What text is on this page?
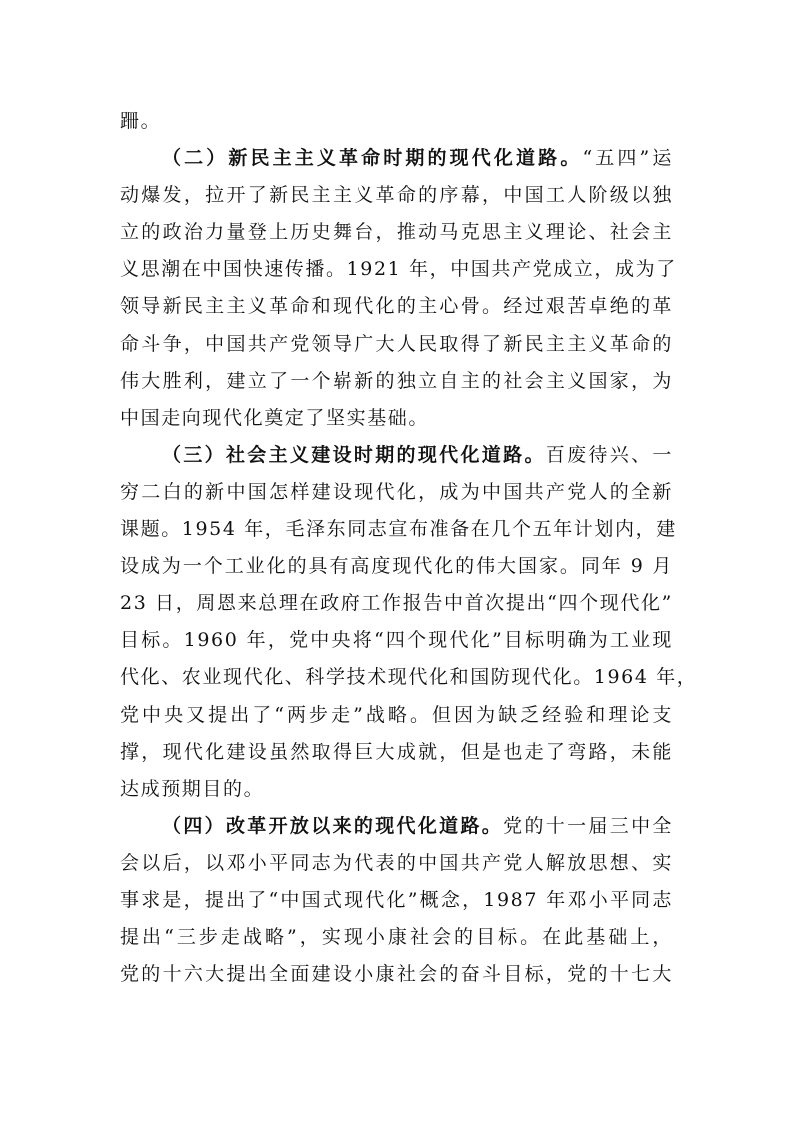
跚。
（二）新民主主义革命时期的现代化道路。“五四”运
动爆发，拉开了新民主主义革命的序幕，中国工人阶级以独
立的政治力量登上历史舞台，推动马克思主义理论、社会主
义思潮在中国快速传播。1921 年，中国共产党成立，成为了
领导新民主主义革命和现代化的主心骨。经过艰苦卓绝的革
命斗争，中国共产党领导广大人民取得了新民主主义革命的
伟大胜利，建立了一个崭新的独立自主的社会主义国家，为
中国走向现代化奠定了坚实基础。
（三）社会主义建设时期的现代化道路。百废待兴、一
穷二白的新中国怎样建设现代化，成为中国共产党人的全新
课题。1954 年，毛泽东同志宣布准备在几个五年计划内，建
设成为一个工业化的具有高度现代化的伟大国家。同年 9 月
23 日，周恩来总理在政府工作报告中首次提出“四个现代化”
目标。1960 年，党中央将“四个现代化”目标明确为工业现
代化、农业现代化、科学技术现代化和国防现代化。1964 年，
党中央又提出了“两步走”战略。但因为缺乏经验和理论支
撑，现代化建设虽然取得巨大成就，但是也走了弯路，未能
达成预期目的。
（四）改革开放以来的现代化道路。党的十一届三中全
会以后，以邓小平同志为代表的中国共产党人解放思想、实
事求是，提出了“中国式现代化”概念，1987 年邓小平同志
提出“三步走战略”，实现小康社会的目标。在此基础上，
党的十六大提出全面建设小康社会的奋斗目标，党的十七大
